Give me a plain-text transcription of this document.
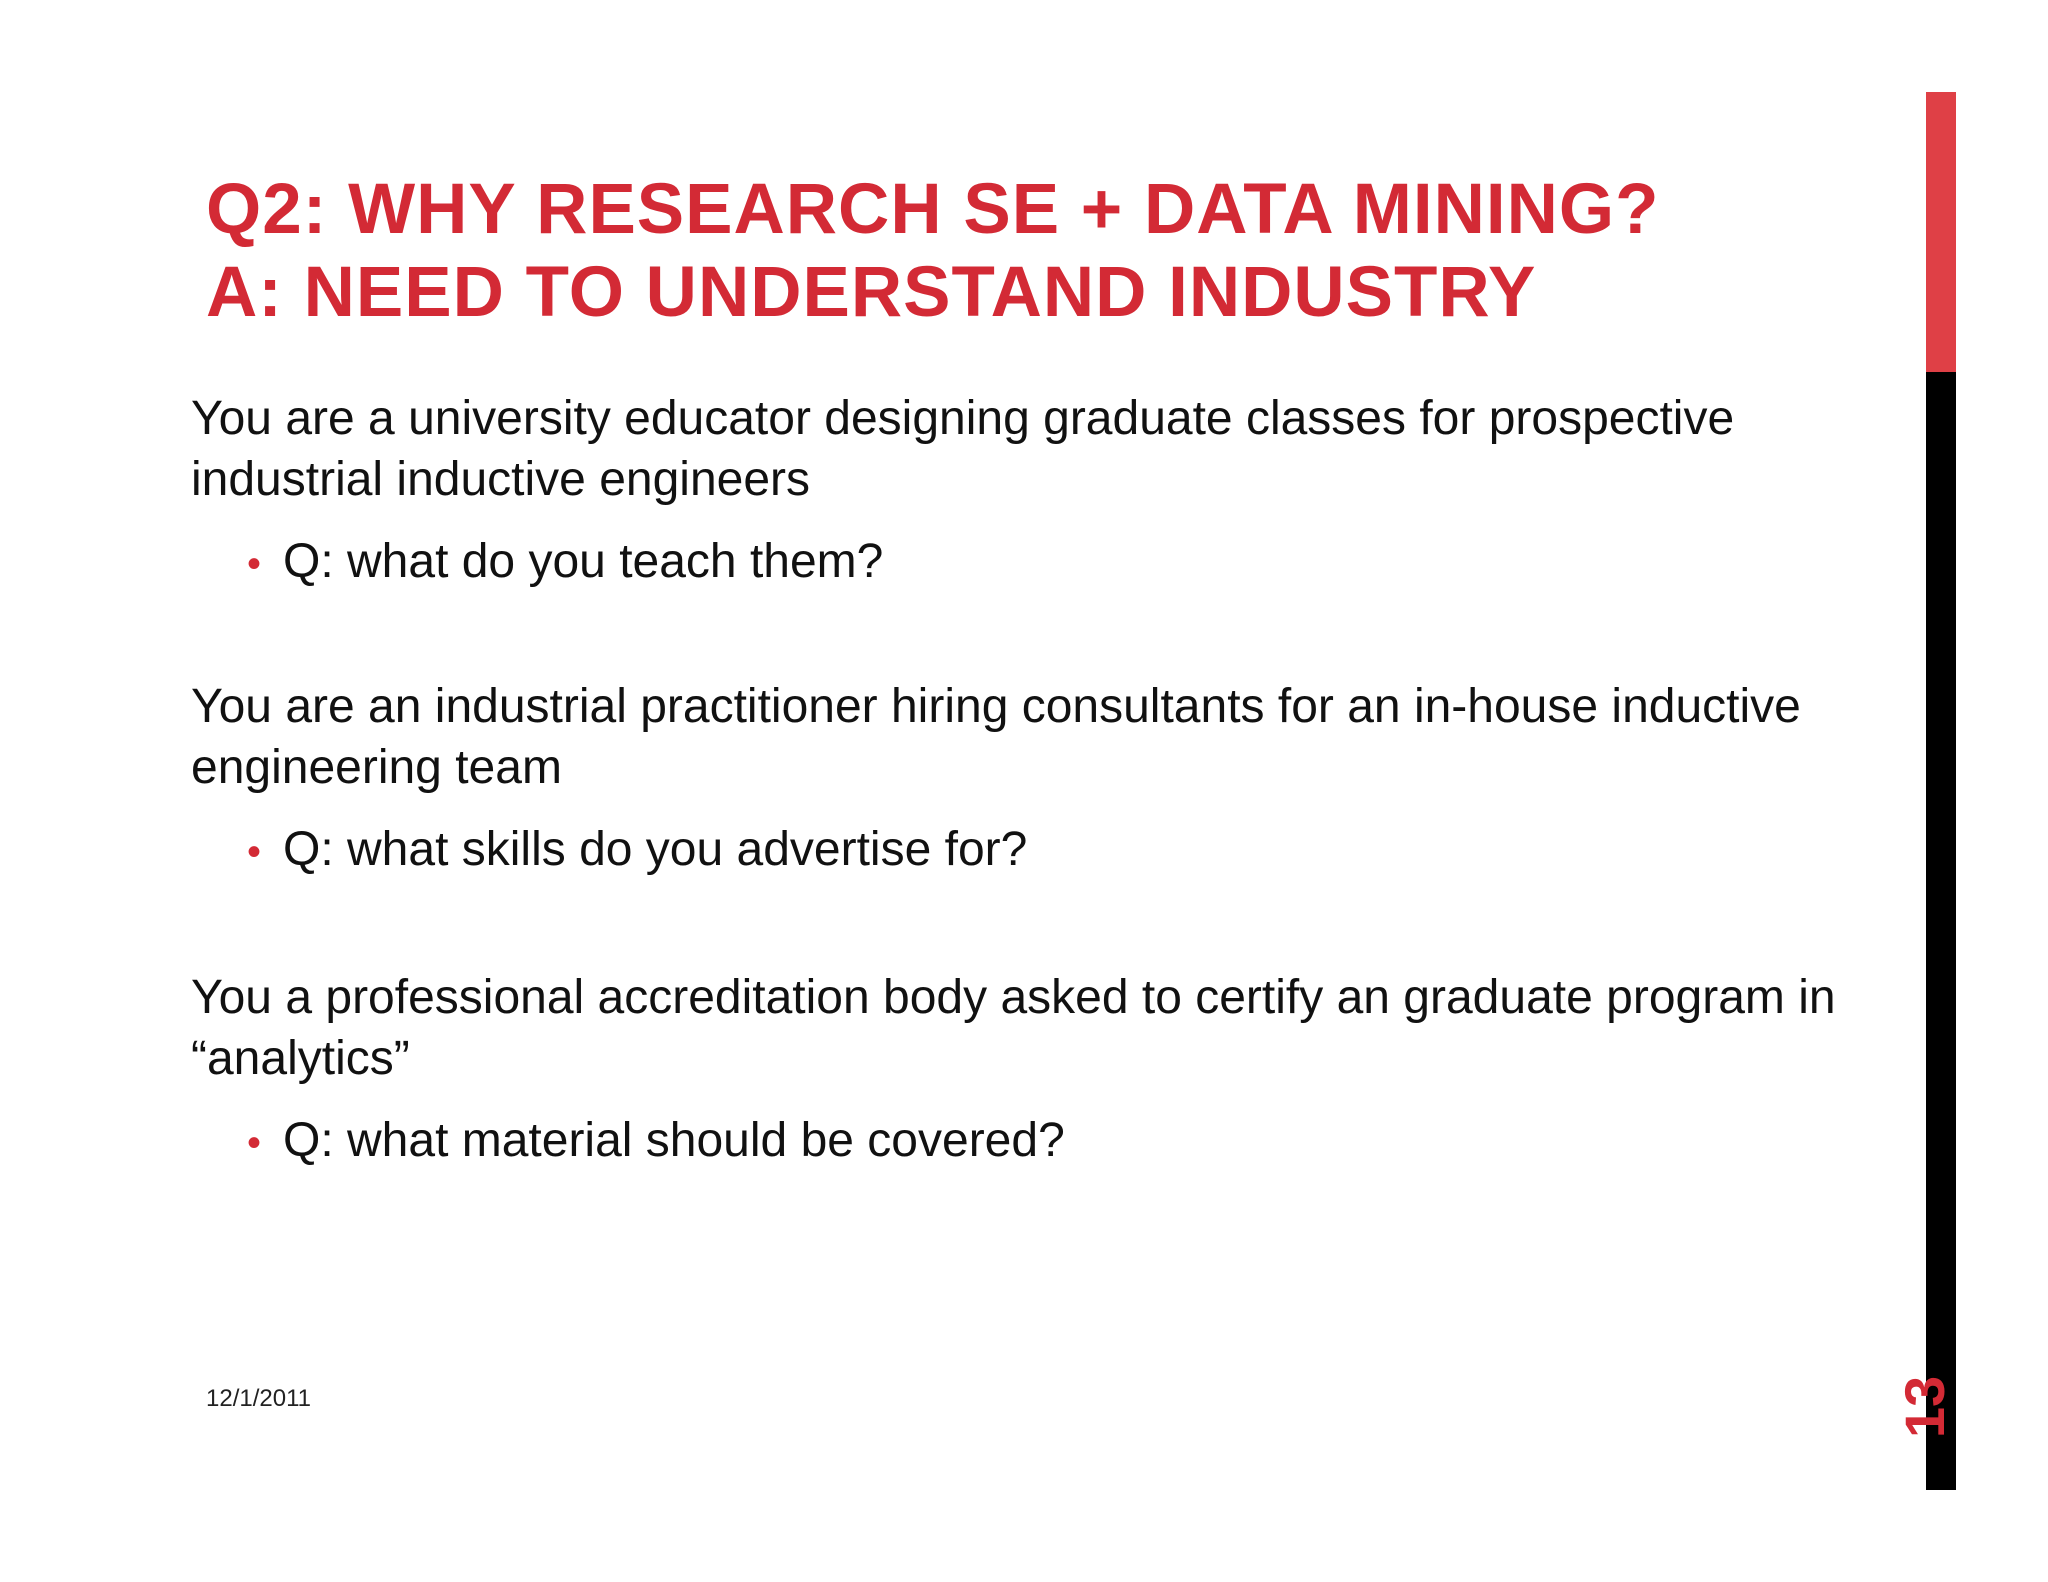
Q2: WHY RESEARCH SE + DATA MINING?
A: NEED TO UNDERSTAND INDUSTRY

You are a university educator designing graduate classes for prospective industrial inductive engineers

• Q: what do you teach them?

You are an industrial practitioner hiring consultants for an in-house inductive engineering team

• Q: what skills do you advertise for?

You a professional accreditation body asked to certify an graduate program in “analytics”

• Q: what material should be covered?
12/1/2011	13
